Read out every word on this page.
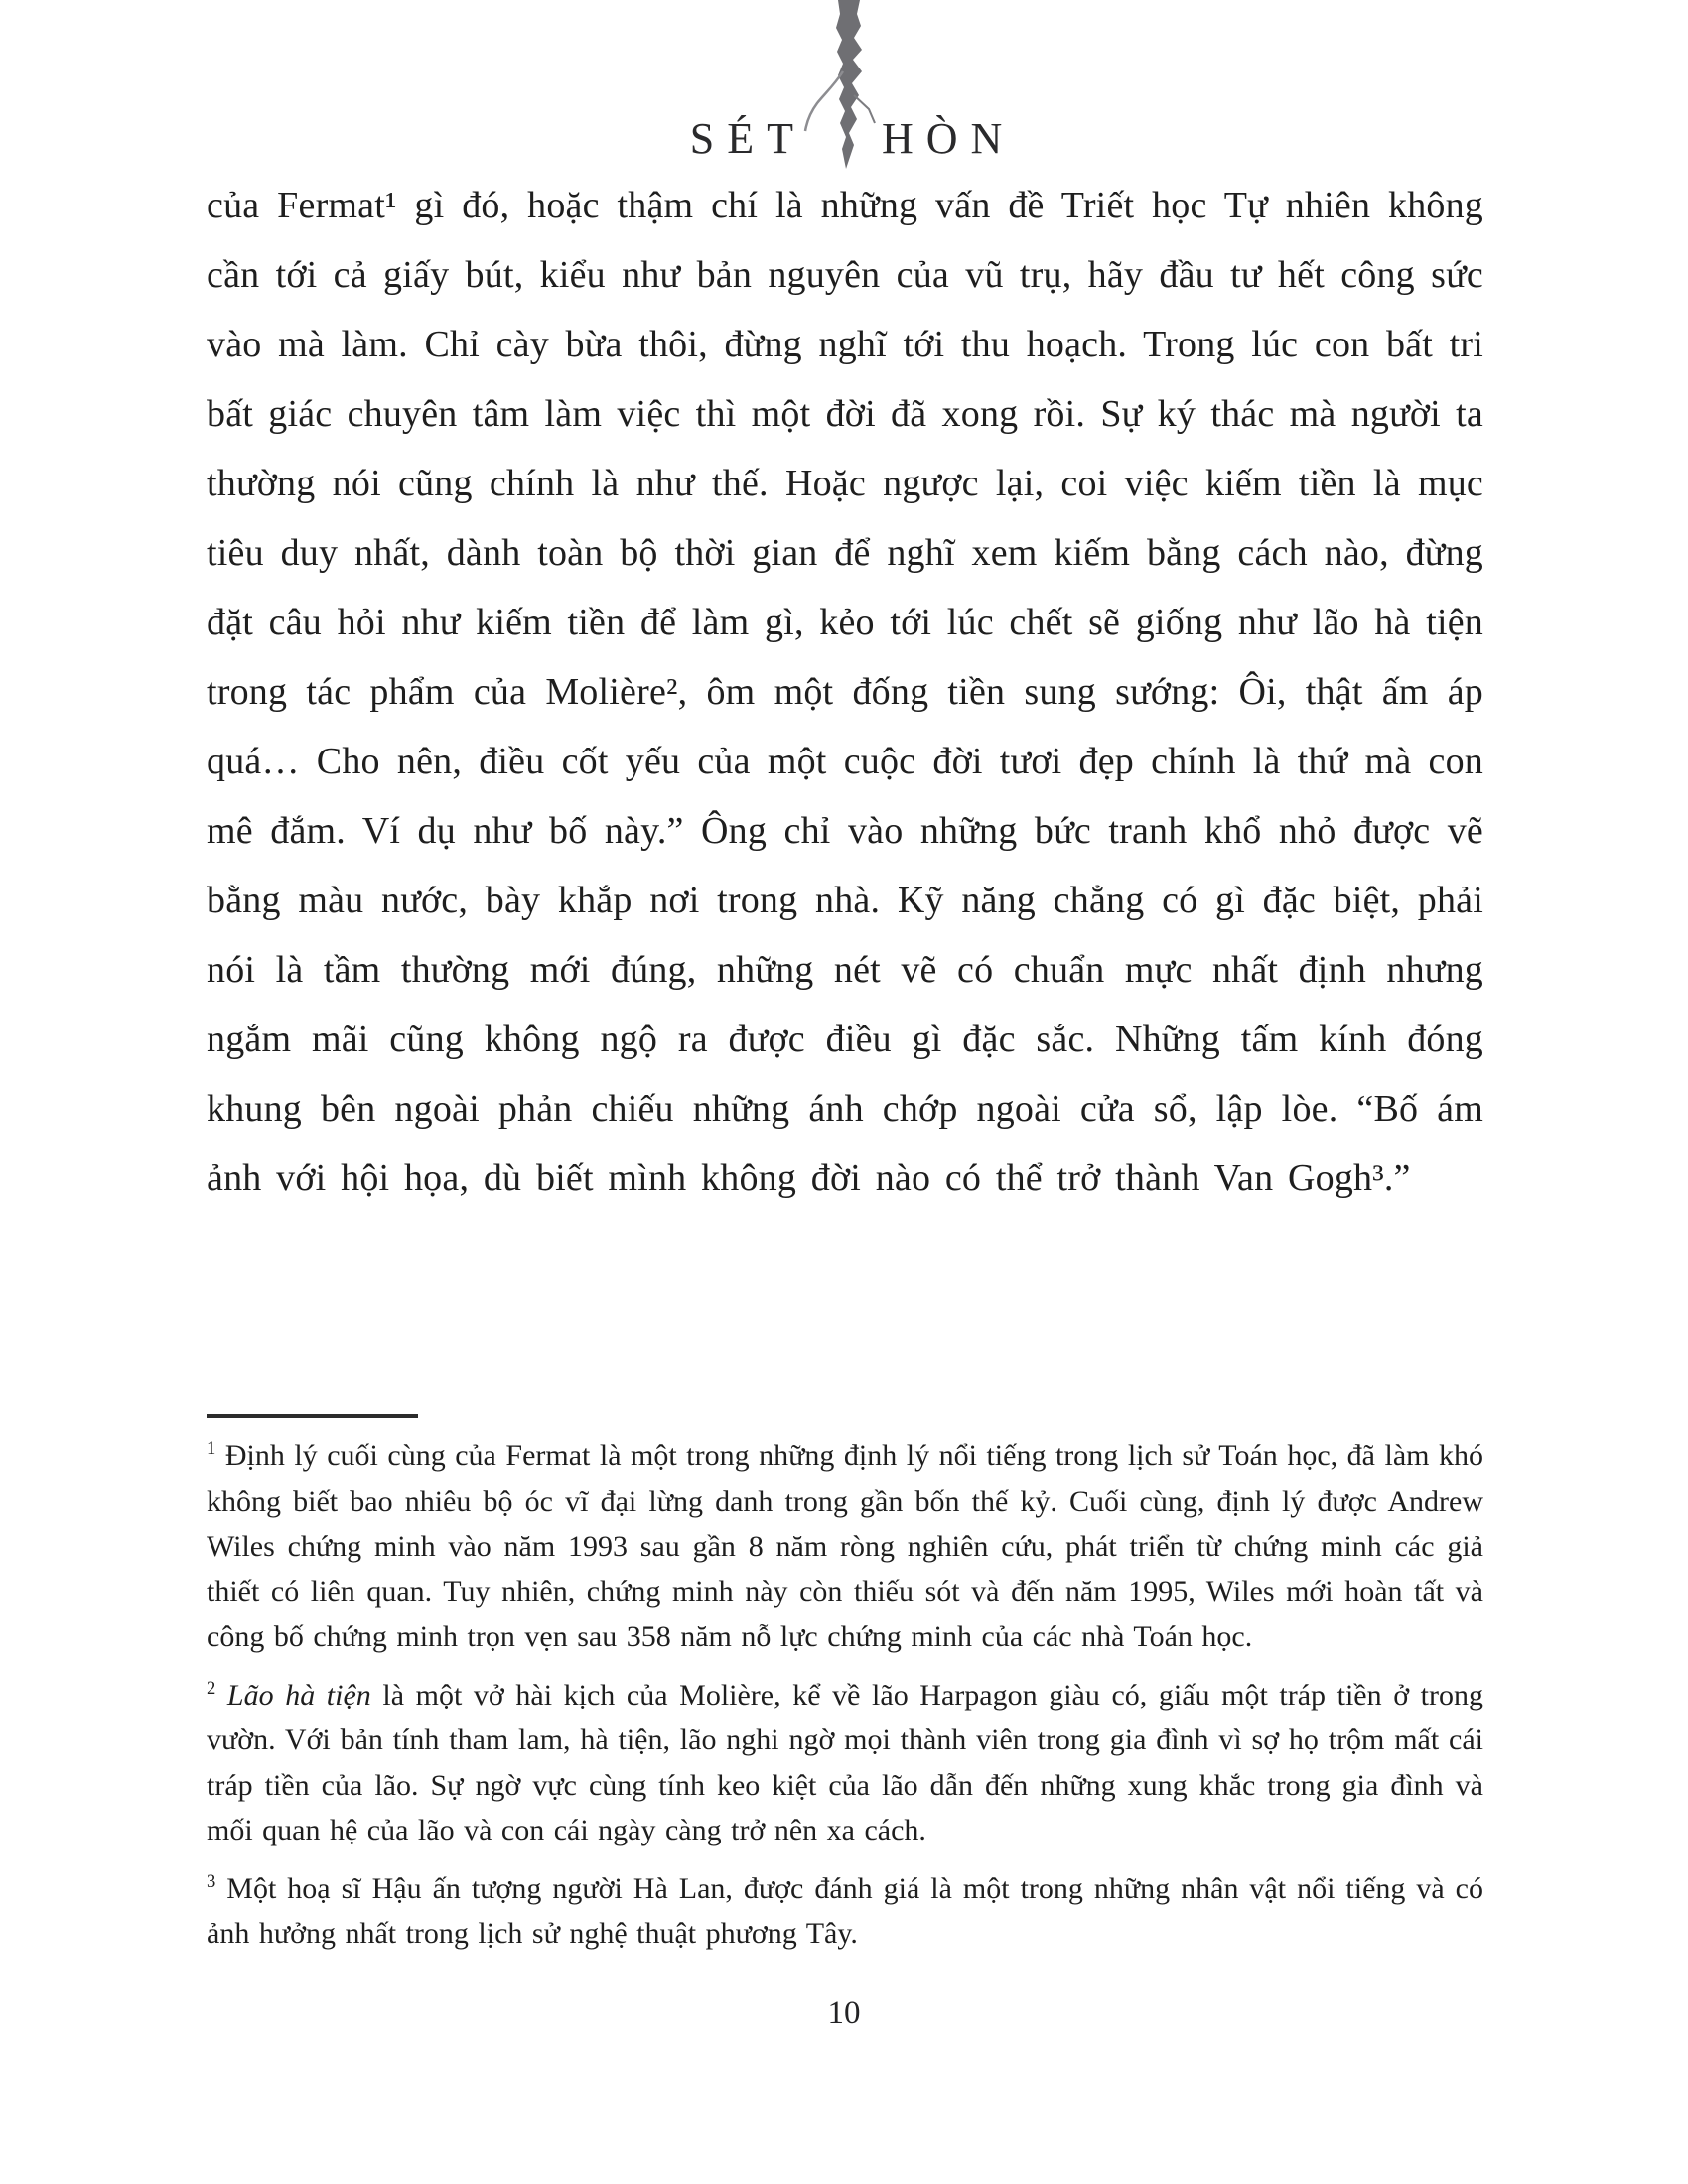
SÉT HÒN
của Fermat¹ gì đó, hoặc thậm chí là những vấn đề Triết học Tự nhiên không cần tới cả giấy bút, kiểu như bản nguyên của vũ trụ, hãy đầu tư hết công sức vào mà làm. Chỉ cày bừa thôi, đừng nghĩ tới thu hoạch. Trong lúc con bất tri bất giác chuyên tâm làm việc thì một đời đã xong rồi. Sự ký thác mà người ta thường nói cũng chính là như thế. Hoặc ngược lại, coi việc kiếm tiền là mục tiêu duy nhất, dành toàn bộ thời gian để nghĩ xem kiếm bằng cách nào, đừng đặt câu hỏi như kiếm tiền để làm gì, kẻo tới lúc chết sẽ giống như lão hà tiện trong tác phẩm của Molière², ôm một đống tiền sung sướng: Ôi, thật ấm áp quá… Cho nên, điều cốt yếu của một cuộc đời tươi đẹp chính là thứ mà con mê đắm. Ví dụ như bố này.” Ông chỉ vào những bức tranh khổ nhỏ được vẽ bằng màu nước, bày khắp nơi trong nhà. Kỹ năng chẳng có gì đặc biệt, phải nói là tầm thường mới đúng, những nét vẽ có chuẩn mực nhất định nhưng ngắm mãi cũng không ngộ ra được điều gì đặc sắc. Những tấm kính đóng khung bên ngoài phản chiếu những ánh chớp ngoài cửa sổ, lập lòe. “Bố ám ảnh với hội họa, dù biết mình không đời nào có thể trở thành Van Gogh³.”

$^1$ Định lý cuối cùng của Fermat là một trong những định lý nổi tiếng trong lịch sử Toán học, đã làm khó không biết bao nhiêu bộ óc vĩ đại lừng danh trong gần bốn thế kỷ. Cuối cùng, định lý được Andrew Wiles chứng minh vào năm 1993 sau gần 8 năm ròng nghiên cứu, phát triển từ chứng minh các giả thiết có liên quan. Tuy nhiên, chứng minh này còn thiếu sót và đến năm 1995, Wiles mới hoàn tất và công bố chứng minh trọn vẹn sau 358 năm nỗ lực chứng minh của các nhà Toán học.

$^2$ Lão hà tiện là một vở hài kịch của Molière, kể về lão Harpagon giàu có, giấu một tráp tiền ở trong vườn. Với bản tính tham lam, hà tiện, lão nghi ngờ mọi thành viên trong gia đình vì sợ họ trộm mất cái tráp tiền của lão. Sự ngờ vực cùng tính keo kiệt của lão dẫn đến những xung khắc trong gia đình và mối quan hệ của lão và con cái ngày càng trở nên xa cách.

$^3$ Một hoạ sĩ Hậu ấn tượng người Hà Lan, được đánh giá là một trong những nhân vật nổi tiếng và có ảnh hưởng nhất trong lịch sử nghệ thuật phương Tây.

10
